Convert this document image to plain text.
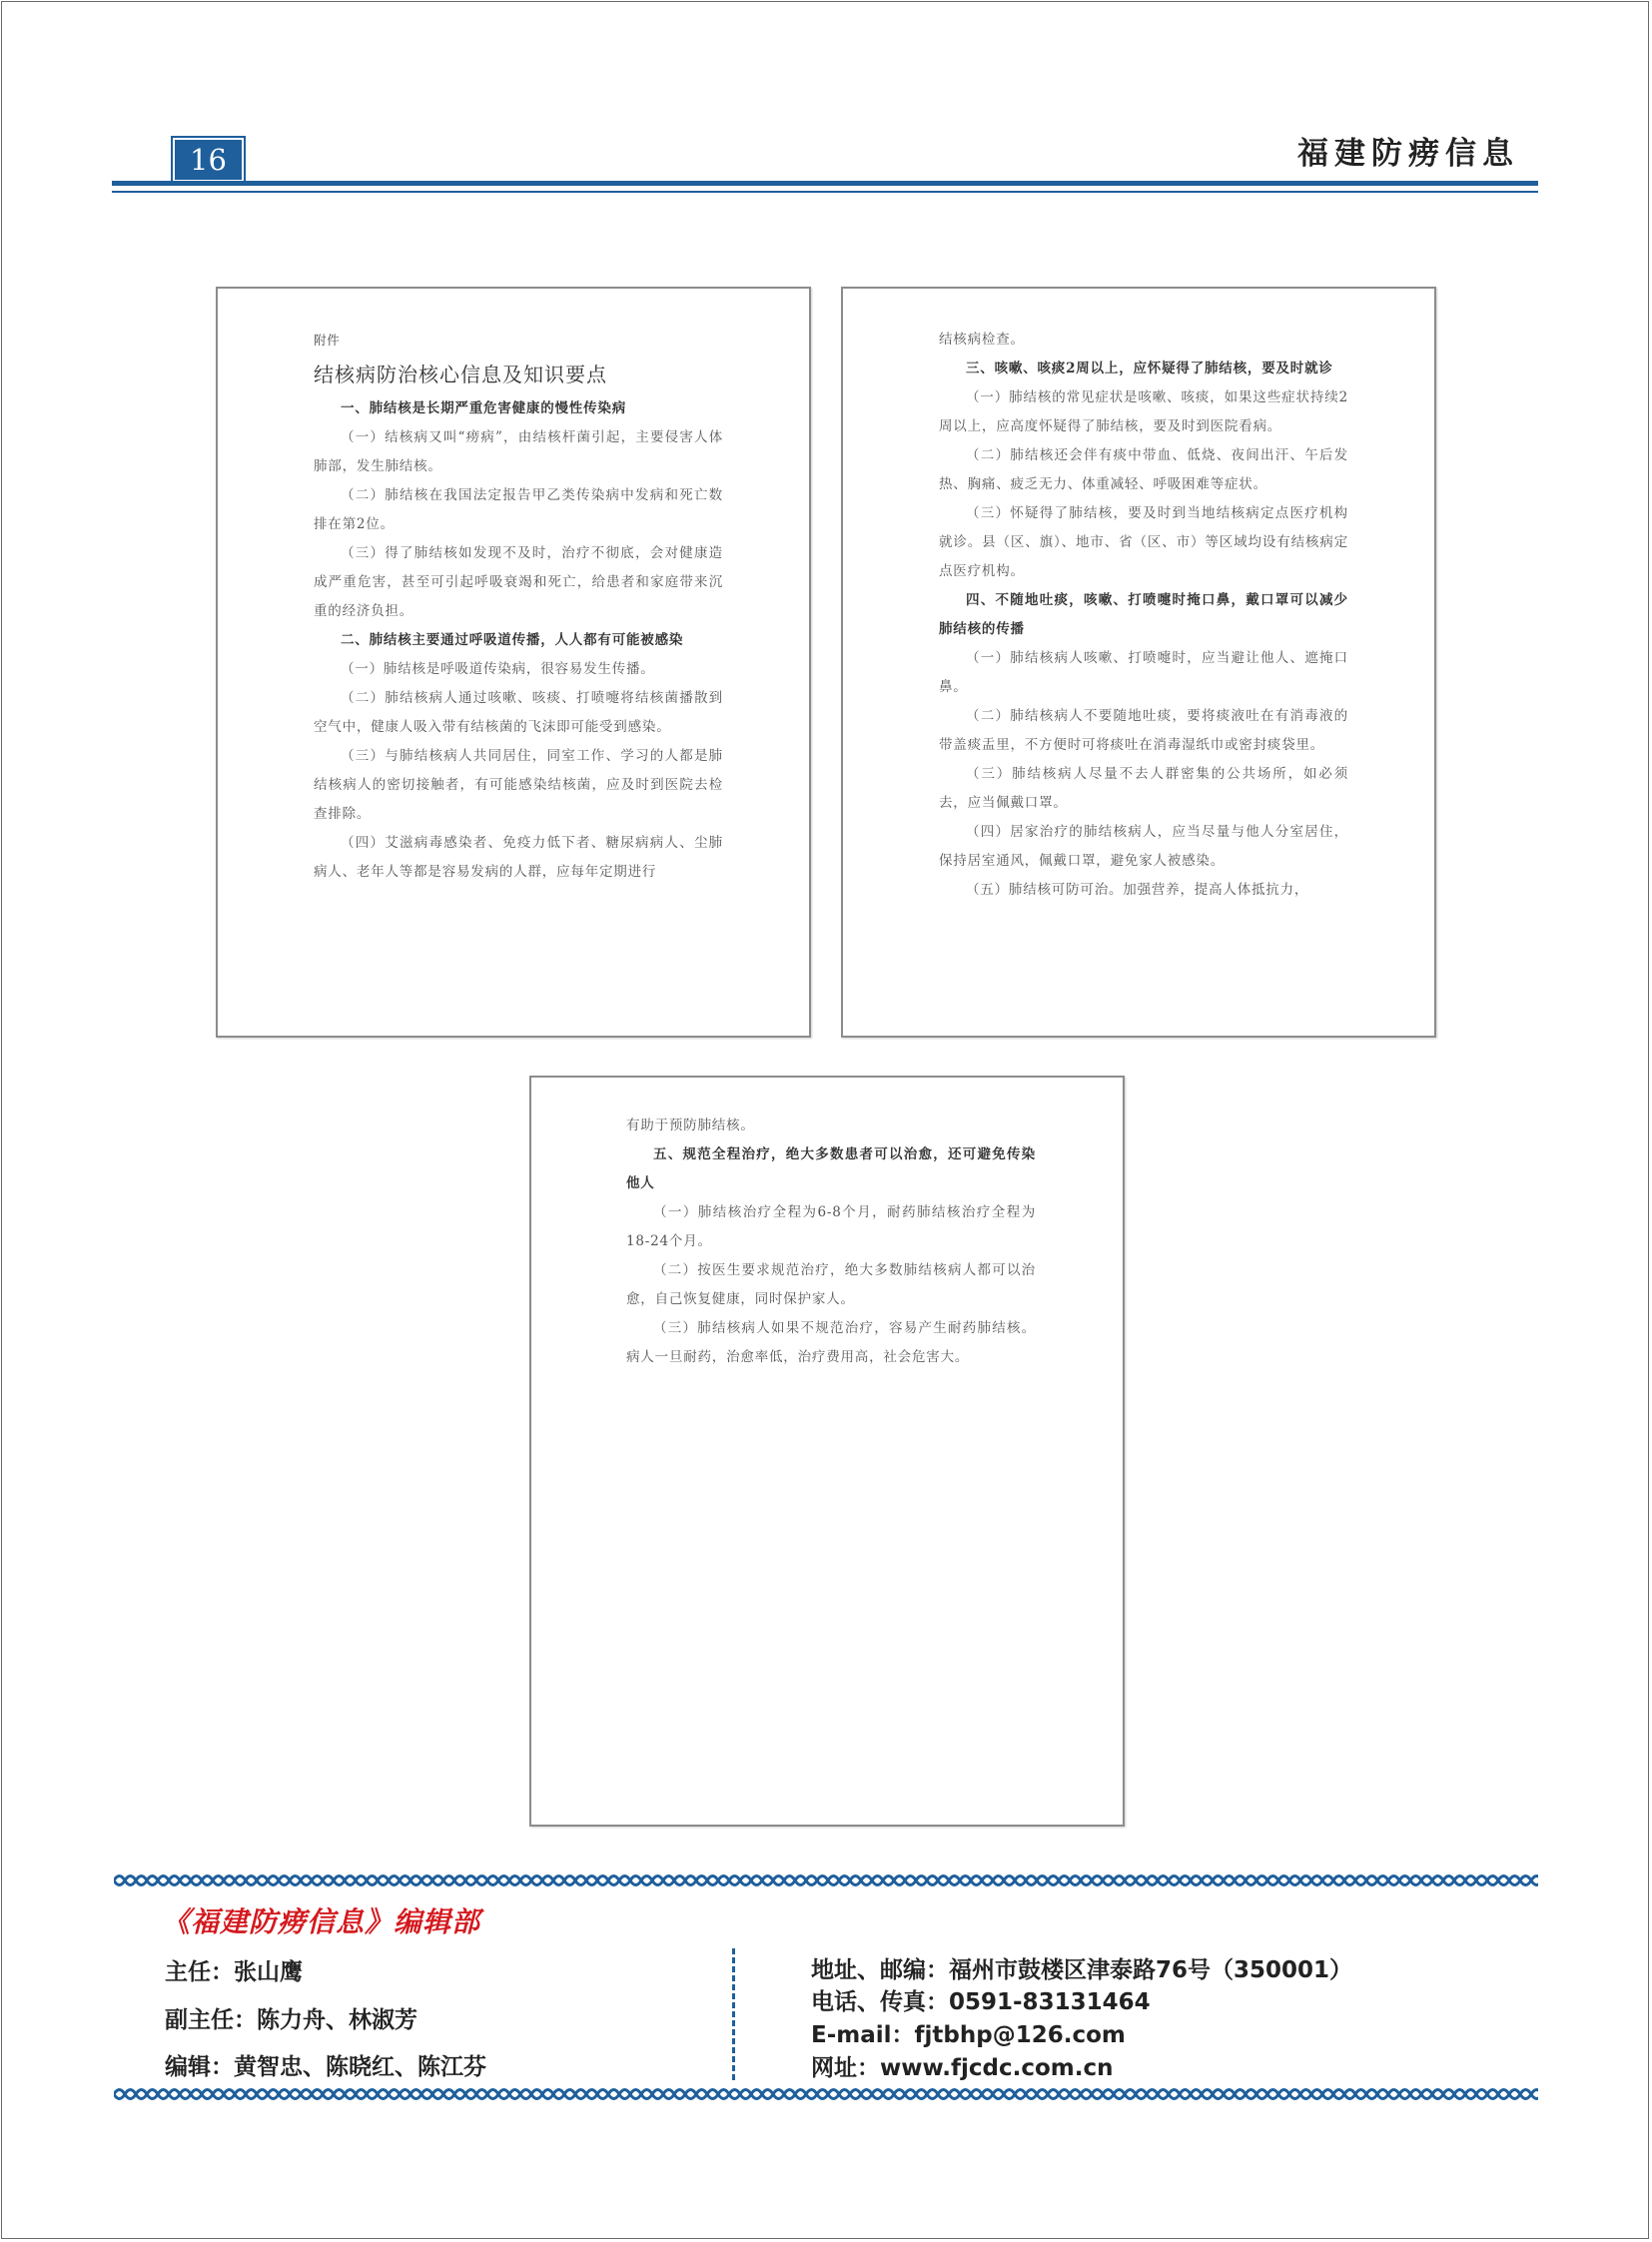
16	福建防痨信息

附件

结核病防治核心信息及知识要点

一、肺结核是长期严重危害健康的慢性传染病

（一）结核病又叫“痨病”，由结核杆菌引起，主要侵害人体肺部，发生肺结核。

（二）肺结核在我国法定报告甲乙类传染病中发病和死亡数排在第2位。

（三）得了肺结核如发现不及时，治疗不彻底，会对健康造成严重危害，甚至可引起呼吸衰竭和死亡，给患者和家庭带来沉重的经济负担。

二、肺结核主要通过呼吸道传播，人人都有可能被感染

（一）肺结核是呼吸道传染病，很容易发生传播。

（二）肺结核病人通过咳嗽、咳痰、打喷嚏将结核菌播散到空气中，健康人吸入带有结核菌的飞沫即可能受到感染。

（三）与肺结核病人共同居住，同室工作、学习的人都是肺结核病人的密切接触者，有可能感染结核菌，应及时到医院去检查排除。

（四）艾滋病毒感染者、免疫力低下者、糖尿病病人、尘肺病人、老年人等都是容易发病的人群，应每年定期进行

结核病检查。

三、咳嗽、咳痰2周以上，应怀疑得了肺结核，要及时就诊

（一）肺结核的常见症状是咳嗽、咳痰，如果这些症状持续2周以上，应高度怀疑得了肺结核，要及时到医院看病。

（二）肺结核还会伴有痰中带血、低烧、夜间出汗、午后发热、胸痛、疲乏无力、体重减轻、呼吸困难等症状。

（三）怀疑得了肺结核，要及时到当地结核病定点医疗机构就诊。县（区、旗）、地市、省（区、市）等区域均设有结核病定点医疗机构。

四、不随地吐痰，咳嗽、打喷嚏时掩口鼻，戴口罩可以减少肺结核的传播

（一）肺结核病人咳嗽、打喷嚏时，应当避让他人、遮掩口鼻。

（二）肺结核病人不要随地吐痰，要将痰液吐在有消毒液的带盖痰盂里，不方便时可将痰吐在消毒湿纸巾或密封痰袋里。

（三）肺结核病人尽量不去人群密集的公共场所，如必须去，应当佩戴口罩。

（四）居家治疗的肺结核病人，应当尽量与他人分室居住，保持居室通风，佩戴口罩，避免家人被感染。

（五）肺结核可防可治。加强营养，提高人体抵抗力，

有助于预防肺结核。

五、规范全程治疗，绝大多数患者可以治愈，还可避免传染他人

（一）肺结核治疗全程为6-8个月，耐药肺结核治疗全程为18-24个月。

（二）按医生要求规范治疗，绝大多数肺结核病人都可以治愈，自己恢复健康，同时保护家人。

（三）肺结核病人如果不规范治疗，容易产生耐药肺结核。病人一旦耐药，治愈率低，治疗费用高，社会危害大。

《福建防痨信息》编辑部
主任：张山鹰
副主任：陈力舟、林淑芳
编辑：黄智忠、陈晓红、陈江芬
地址、邮编：福州市鼓楼区津泰路76号（350001）
电话、传真：0591-83131464
E-mail：fjtbhp@126.com
网址：www.fjcdc.com.cn
